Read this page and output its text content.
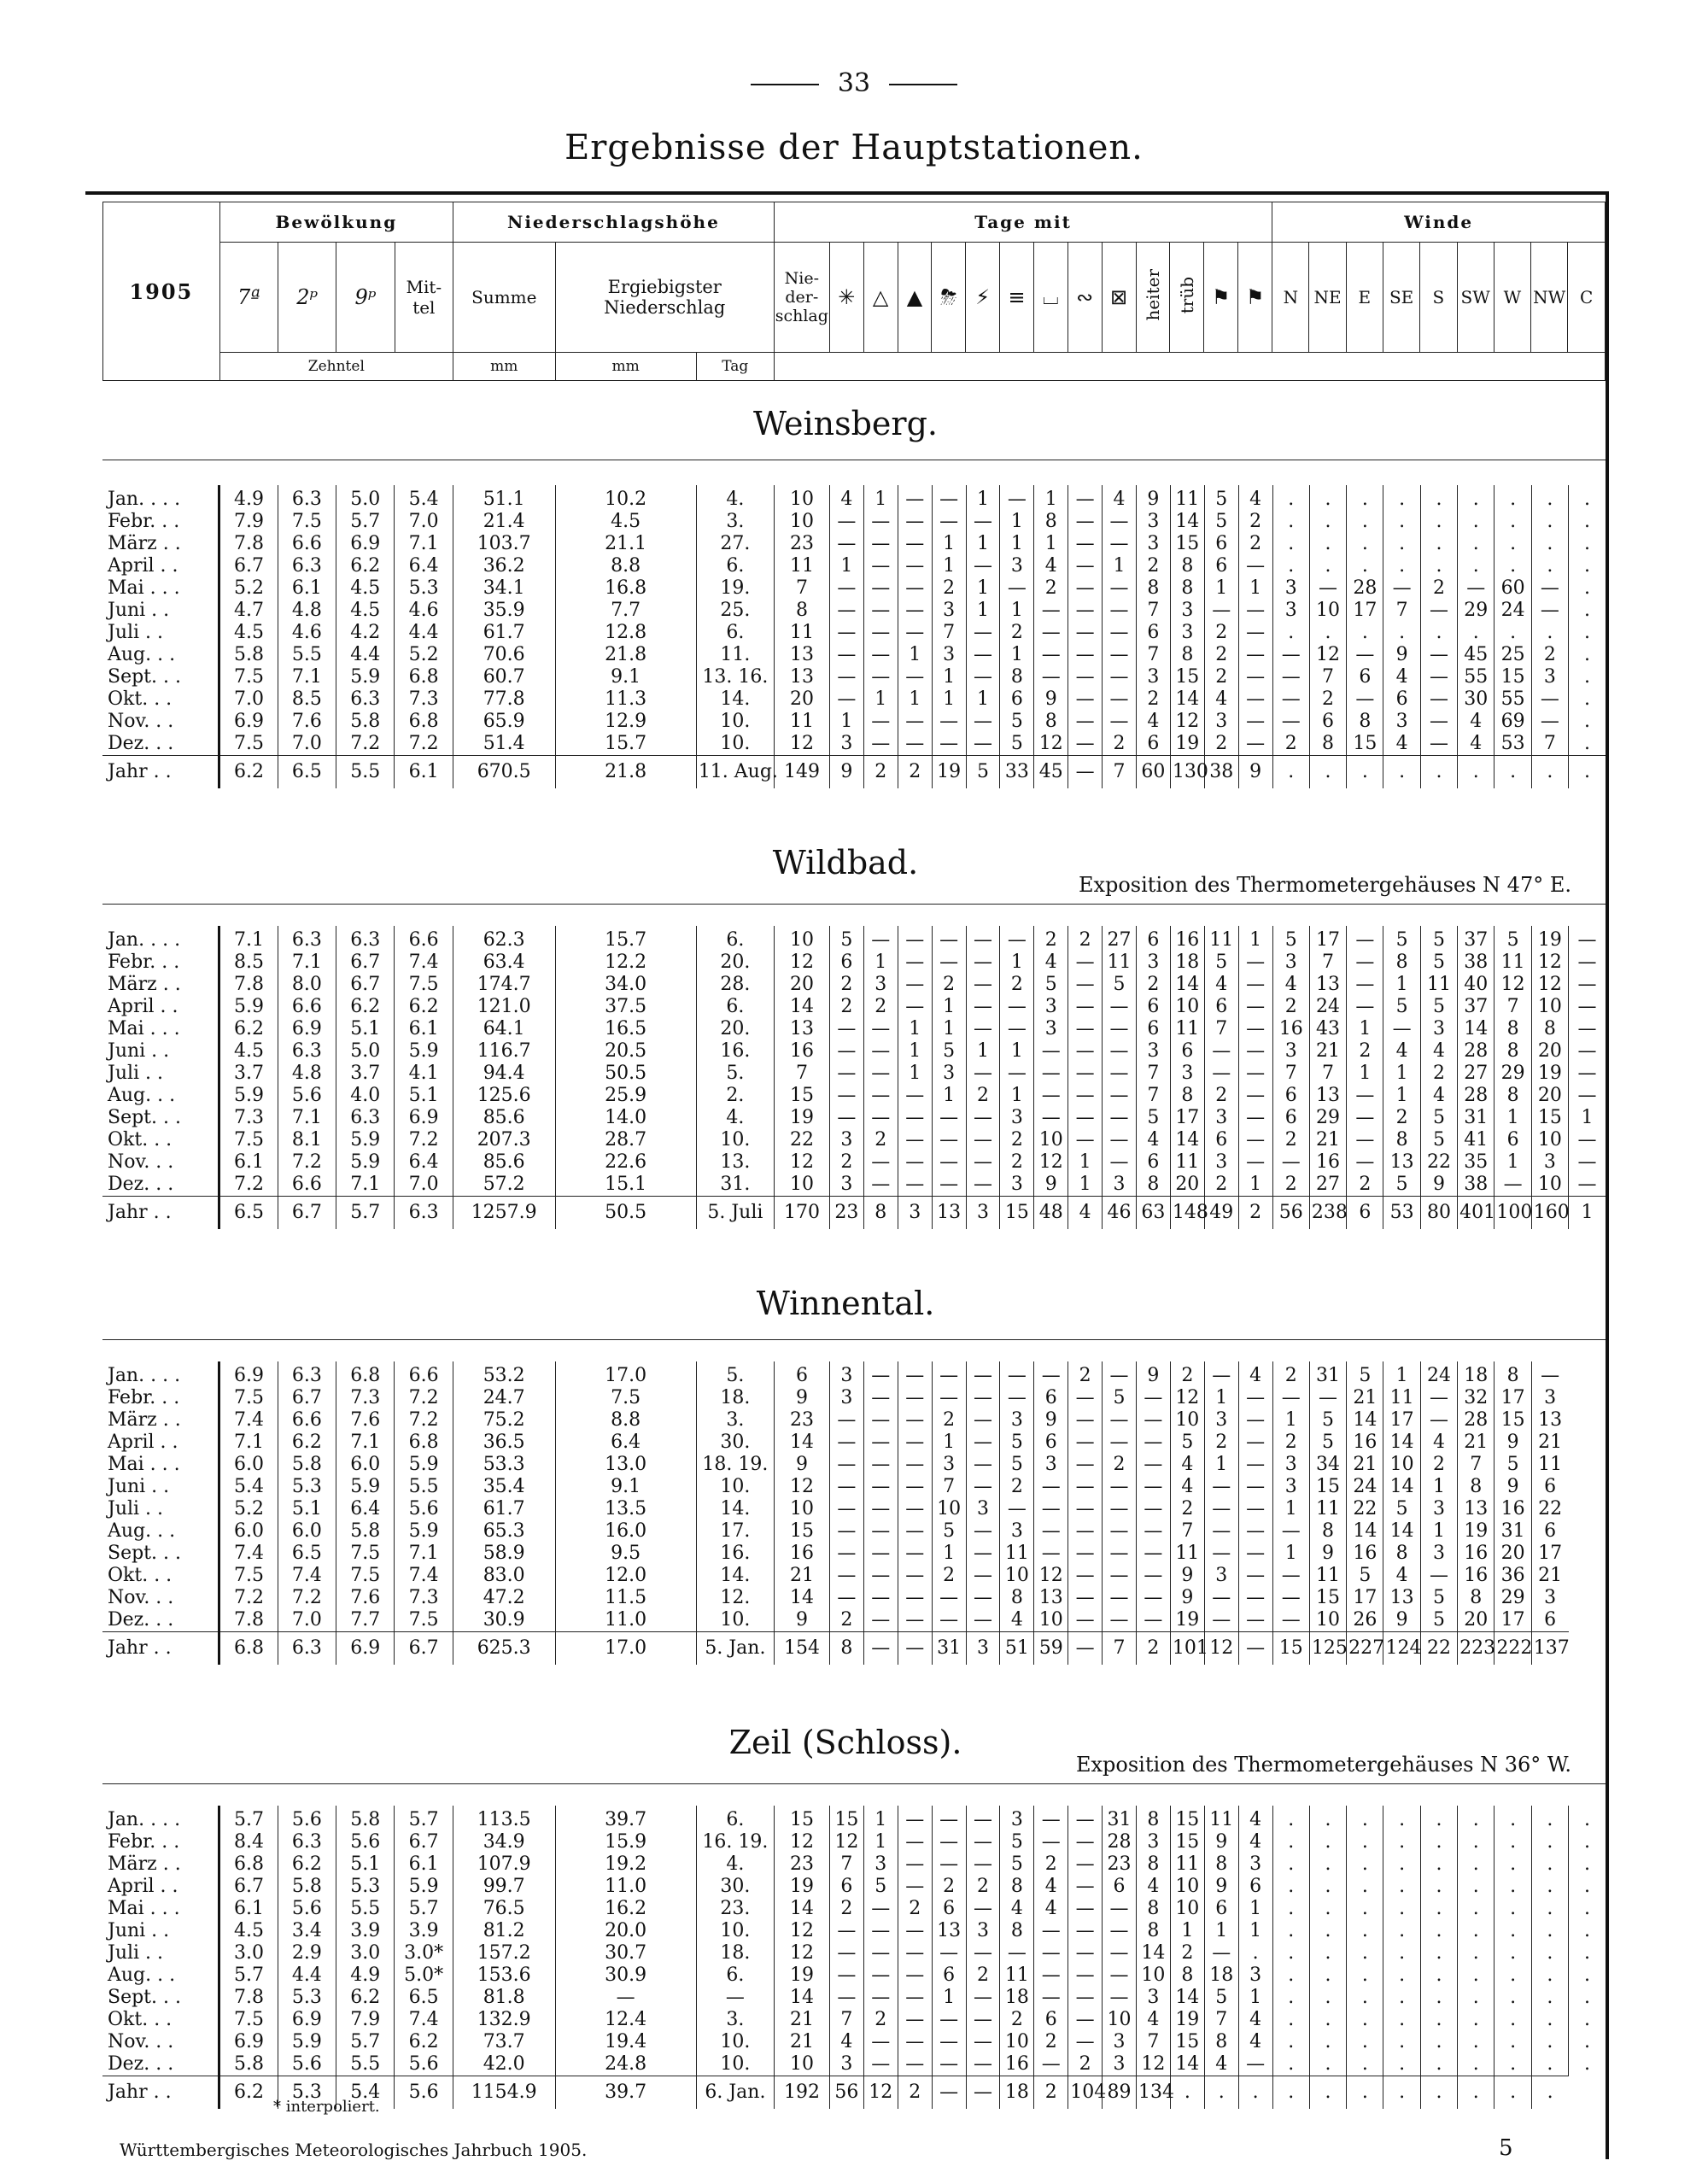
33
Ergebnisse der Hauptstationen.
1905	Bewölkung				Niederschlagshöhe			Tage mit														Winde								
	7ª	2ᵖ	9ᵖ	Mit-tel	Summe	Ergiebigster Niederschlag		Nie-der-schlag	✳	△	▲	⛈	⚡	≡	⌴	∾	⊠	heiter	trüb	⚑	⚑	N	NE	E	SE	S	SW	W	NW	C
	Zehntel				mm	mm	Tag																							
Weinsberg.
Jan. . . .	4.9	6.3	5.0	5.4	51.1	10.2	4.	10	4	1	—	—	1	—	1	—	4	9	11	5	4	.	.	.	.	.	.	.	.	.
Febr. . .	7.9	7.5	5.7	7.0	21.4	4.5	3.	10	—	—	—	—	—	1	8	—	—	3	14	5	2	.	.	.	.	.	.	.	.	.
März . .	7.8	6.6	6.9	7.1	103.7	21.1	27.	23	—	—	—	1	1	1	1	—	—	3	15	6	2	.	.	.	.	.	.	.	.	.
April . .	6.7	6.3	6.2	6.4	36.2	8.8	6.	11	1	—	—	1	—	3	4	—	1	2	8	6	—	.	.	.	.	.	.	.	.	.
Mai . . .	5.2	6.1	4.5	5.3	34.1	16.8	19.	7	—	—	—	2	1	—	2	—	—	8	8	1	1	3	—	28	—	2	—	60	—	.
Juni . .	4.7	4.8	4.5	4.6	35.9	7.7	25.	8	—	—	—	3	1	1	—	—	—	7	3	—	—	3	10	17	7	—	29	24	—	.
Juli . .	4.5	4.6	4.2	4.4	61.7	12.8	6.	11	—	—	—	7	—	2	—	—	—	6	3	2	—	.	.	.	.	.	.	.	.	.
Aug. . .	5.8	5.5	4.4	5.2	70.6	21.8	11.	13	—	—	1	3	—	1	—	—	—	7	8	2	—	—	12	—	9	—	45	25	2	.
Sept. . .	7.5	7.1	5.9	6.8	60.7	9.1	13. 16.	13	—	—	—	1	—	8	—	—	—	3	15	2	—	—	7	6	4	—	55	15	3	.
Okt. . .	7.0	8.5	6.3	7.3	77.8	11.3	14.	20	—	1	1	1	1	6	9	—	—	2	14	4	—	—	2	—	6	—	30	55	—	.
Nov. . .	6.9	7.6	5.8	6.8	65.9	12.9	10.	11	1	—	—	—	—	5	8	—	—	4	12	3	—	—	6	8	3	—	4	69	—	.
Dez. . .	7.5	7.0	7.2	7.2	51.4	15.7	10.	12	3	—	—	—	—	5	12	—	2	6	19	2	—	2	8	15	4	—	4	53	7	.
Jahr . .	6.2	6.5	5.5	6.1	670.5	21.8	11. Aug.	149	9	2	2	19	5	33	45	—	7	60	130	38	9	.	.	.	.	.	.	.	.	.
Wildbad.
Exposition des Thermometergehäuses N 47° E.
Jan. . . .	7.1	6.3	6.3	6.6	62.3	15.7	6.	10	5	—	—	—	—	—	2	2	27	6	16	11	1	5	17	—	5	5	37	5	19	—
Febr. . .	8.5	7.1	6.7	7.4	63.4	12.2	20.	12	6	1	—	—	—	1	4	—	11	3	18	5	—	3	7	—	8	5	38	11	12	—
März . .	7.8	8.0	6.7	7.5	174.7	34.0	28.	20	2	3	—	2	—	2	5	—	5	2	14	4	—	4	13	—	1	11	40	12	12	—
April . .	5.9	6.6	6.2	6.2	121.0	37.5	6.	14	2	2	—	1	—	—	3	—	—	6	10	6	—	2	24	—	5	5	37	7	10	—
Mai . . .	6.2	6.9	5.1	6.1	64.1	16.5	20.	13	—	—	1	1	—	—	3	—	—	6	11	7	—	16	43	1	—	3	14	8	8	—
Juni . .	4.5	6.3	5.0	5.9	116.7	20.5	16.	16	—	—	1	5	1	1	—	—	—	3	6	—	—	3	21	2	4	4	28	8	20	—
Juli . .	3.7	4.8	3.7	4.1	94.4	50.5	5.	7	—	—	1	3	—	—	—	—	—	7	3	—	—	7	7	1	1	2	27	29	19	—
Aug. . .	5.9	5.6	4.0	5.1	125.6	25.9	2.	15	—	—	—	1	2	1	—	—	—	7	8	2	—	6	13	—	1	4	28	8	20	—
Sept. . .	7.3	7.1	6.3	6.9	85.6	14.0	4.	19	—	—	—	—	—	3	—	—	—	5	17	3	—	6	29	—	2	5	31	1	15	1
Okt. . .	7.5	8.1	5.9	7.2	207.3	28.7	10.	22	3	2	—	—	—	2	10	—	—	4	14	6	—	2	21	—	8	5	41	6	10	—
Nov. . .	6.1	7.2	5.9	6.4	85.6	22.6	13.	12	2	—	—	—	—	2	12	1	—	6	11	3	—	—	16	—	13	22	35	1	3	—
Dez. . .	7.2	6.6	7.1	7.0	57.2	15.1	31.	10	3	—	—	—	—	3	9	1	3	8	20	2	1	2	27	2	5	9	38	—	10	—
Jahr . .	6.5	6.7	5.7	6.3	1257.9	50.5	5. Juli	170	23	8	3	13	3	15	48	4	46	63	148	49	2	56	238	6	53	80	401	100	160	1
Winnental.
Jan. . . .	6.9	6.3	6.8	6.6	53.2	17.0	5.	6	3	—	—	—	—	—	—	2	—	9	2	—	4	2	31	5	1	24	18	8	—
Febr. . .	7.5	6.7	7.3	7.2	24.7	7.5	18.	9	3	—	—	—	—	—	6	—	5	—	12	1	—	—	—	21	11	—	32	17	3
März . .	7.4	6.6	7.6	7.2	75.2	8.8	3.	23	—	—	—	2	—	3	9	—	—	—	10	3	—	1	5	14	17	—	28	15	13
April . .	7.1	6.2	7.1	6.8	36.5	6.4	30.	14	—	—	—	1	—	5	6	—	—	—	5	2	—	2	5	16	14	4	21	9	21
Mai . . .	6.0	5.8	6.0	5.9	53.3	13.0	18. 19.	9	—	—	—	3	—	5	3	—	2	—	4	1	—	3	34	21	10	2	7	5	11
Juni . .	5.4	5.3	5.9	5.5	35.4	9.1	10.	12	—	—	—	7	—	2	—	—	—	—	4	—	—	3	15	24	14	1	8	9	6
Juli . .	5.2	5.1	6.4	5.6	61.7	13.5	14.	10	—	—	—	10	3	—	—	—	—	—	2	—	—	1	11	22	5	3	13	16	22
Aug. . .	6.0	6.0	5.8	5.9	65.3	16.0	17.	15	—	—	—	5	—	3	—	—	—	—	7	—	—	—	8	14	14	1	19	31	6
Sept. . .	7.4	6.5	7.5	7.1	58.9	9.5	16.	16	—	—	—	1	—	11	—	—	—	—	11	—	—	1	9	16	8	3	16	20	17
Okt. . .	7.5	7.4	7.5	7.4	83.0	12.0	14.	21	—	—	—	2	—	10	12	—	—	—	9	3	—	—	11	5	4	—	16	36	21
Nov. . .	7.2	7.2	7.6	7.3	47.2	11.5	12.	14	—	—	—	—	—	8	13	—	—	—	9	—	—	—	15	17	13	5	8	29	3
Dez. . .	7.8	7.0	7.7	7.5	30.9	11.0	10.	9	2	—	—	—	—	4	10	—	—	—	19	—	—	—	10	26	9	5	20	17	6
Jahr . .	6.8	6.3	6.9	6.7	625.3	17.0	5. Jan.	154	8	—	—	31	3	51	59	—	7	2	101	12	—	15	125	227	124	22	223	222	137
Zeil (Schloss).
Exposition des Thermometergehäuses N 36° W.
Jan. . . .	5.7	5.6	5.8	5.7	113.5	39.7	6.	15	15	1	—	—	—	3	—	—	31	8	15	11	4	.	.	.	.	.	.	.	.	.
Febr. . .	8.4	6.3	5.6	6.7	34.9	15.9	16. 19.	12	12	1	—	—	—	5	—	—	28	3	15	9	4	.	.	.	.	.	.	.	.	.
März . .	6.8	6.2	5.1	6.1	107.9	19.2	4.	23	7	3	—	—	—	5	2	—	23	8	11	8	3	.	.	.	.	.	.	.	.	.
April . .	6.7	5.8	5.3	5.9	99.7	11.0	30.	19	6	5	—	2	2	8	4	—	6	4	10	9	6	.	.	.	.	.	.	.	.	.
Mai . . .	6.1	5.6	5.5	5.7	76.5	16.2	23.	14	2	—	2	6	—	4	4	—	—	8	10	6	1	.	.	.	.	.	.	.	.	.
Juni . .	4.5	3.4	3.9	3.9	81.2	20.0	10.	12	—	—	—	13	3	8	—	—	—	8	1	1	1	.	.	.	.	.	.	.	.	.
Juli . .	3.0	2.9	3.0	3.0*	157.2	30.7	18.	12	—	—	—	—	—	—	—	—	—	14	2	—	.	.	.	.	.	.	.	.	.	.
Aug. . .	5.7	4.4	4.9	5.0*	153.6	30.9	6.	19	—	—	—	6	2	11	—	—	—	10	8	18	3	.	.	.	.	.	.	.	.	.
Sept. . .	7.8	5.3	6.2	6.5	81.8	—	—	14	—	—	—	1	—	18	—	—	—	3	14	5	1	.	.	.	.	.	.	.	.	.
Okt. . .	7.5	6.9	7.9	7.4	132.9	12.4	3.	21	7	2	—	—	—	2	6	—	10	4	19	7	4	.	.	.	.	.	.	.	.	.
Nov. . .	6.9	5.9	5.7	6.2	73.7	19.4	10.	21	4	—	—	—	—	10	2	—	3	7	15	8	4	.	.	.	.	.	.	.	.	.
Dez. . .	5.8	5.6	5.5	5.6	42.0	24.8	10.	10	3	—	—	—	—	16	—	2	3	12	14	4	—	.	.	.	.	.	.	.	.	.
Jahr . .	6.2	5.3	5.4	5.6	1154.9	39.7	6. Jan.	192	56	12	2	—	—	18	2	104	89	134	.	.	.	.	.	.	.	.	.	.	.	
* interpoliert.
Württembergisches Meteorologisches Jahrbuch 1905.	5
